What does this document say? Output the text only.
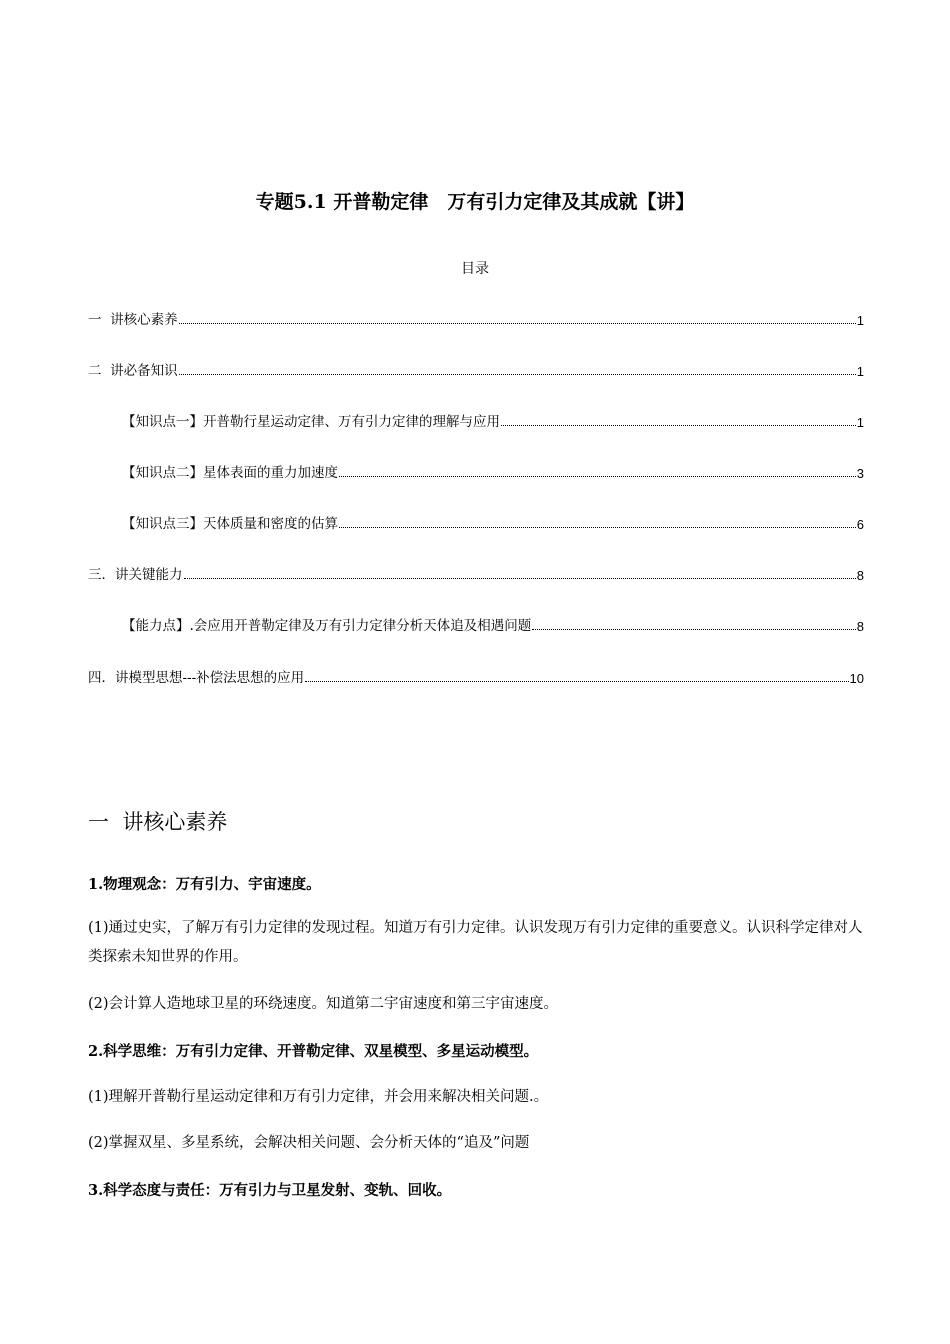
专题5.1 开普勒定律　万有引力定律及其成就【讲】
目录
一  讲核心素养	1
二  讲必备知识	1
【知识点一】开普勒行星运动定律、万有引力定律的理解与应用	1
【知识点二】星体表面的重力加速度	3
【知识点三】天体质量和密度的估算	6
三．讲关键能力	8
【能力点】.会应用开普勒定律及万有引力定律分析天体追及相遇问题	8
四．讲模型思想---补偿法思想的应用	10
一  讲核心素养
1.物理观念：万有引力、宇宙速度。
(1)通过史实，了解万有引力定律的发现过程。知道万有引力定律。认识发现万有引力定律的重要意义。认识科学定律对人类探索未知世界的作用。
(2)会计算人造地球卫星的环绕速度。知道第二宇宙速度和第三宇宙速度。
2.科学思维：万有引力定律、开普勒定律、双星模型、多星运动模型。
(1)理解开普勒行星运动定律和万有引力定律，并会用来解决相关问题.。
(2)掌握双星、多星系统，会解决相关问题、会分析天体的“追及”问题
3.科学态度与责任：万有引力与卫星发射、变轨、回收。
